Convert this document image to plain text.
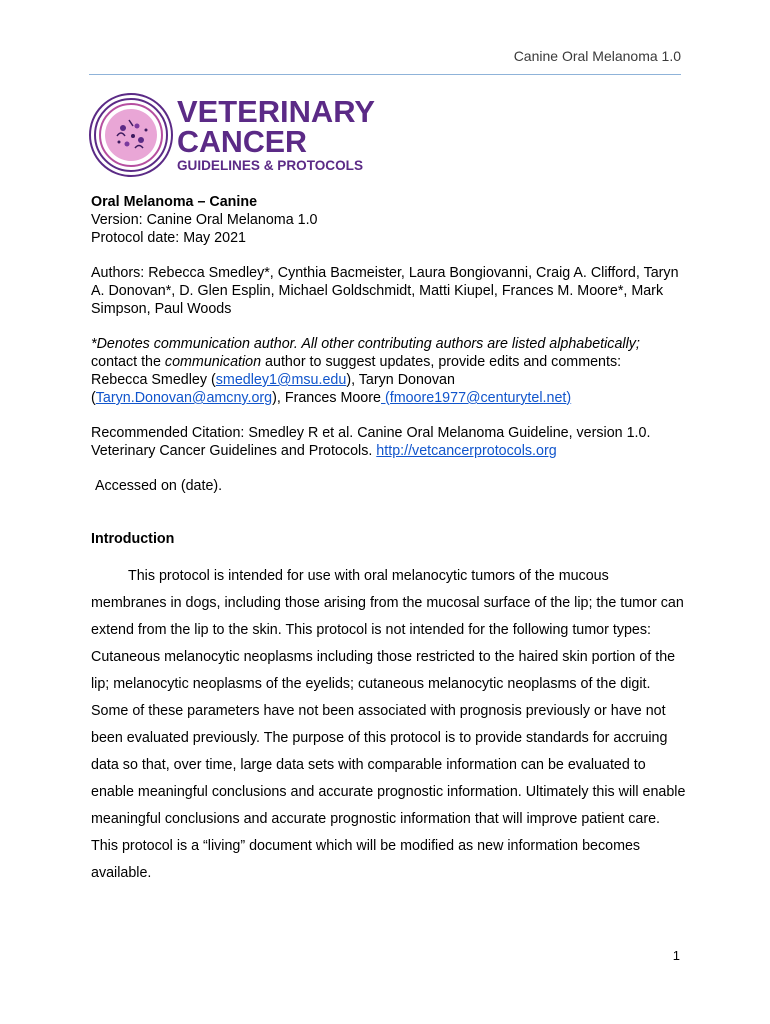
Canine Oral Melanoma 1.0
VETERINARY
CANCER
GUIDELINES & PROTOCOLS

Oral Melanoma – Canine

Version: Canine Oral Melanoma 1.0

Protocol date: May 2021

Authors: Rebecca Smedley*, Cynthia Bacmeister, Laura Bongiovanni, Craig A. Clifford, Taryn A. Donovan*, D. Glen Esplin, Michael Goldschmidt, Matti Kiupel, Frances M. Moore*, Mark Simpson, Paul Woods

*Denotes communication author. All other contributing authors are listed alphabetically;
contact the communication author to suggest updates, provide edits and comments:
Rebecca Smedley (smedley1@msu.edu), Taryn Donovan
(Taryn.Donovan@amcny.org), Frances Moore (fmoore1977@centurytel.net)

Recommended Citation: Smedley R et al. Canine Oral Melanoma Guideline, version 1.0. Veterinary Cancer Guidelines and Protocols. http://vetcancerprotocols.org

Accessed on (date).

Introduction

This protocol is intended for use with oral melanocytic tumors of the mucous membranes in dogs, including those arising from the mucosal surface of the lip; the tumor can extend from the lip to the skin. This protocol is not intended for the following tumor types: Cutaneous melanocytic neoplasms including those restricted to the haired skin portion of the lip; melanocytic neoplasms of the eyelids; cutaneous melanocytic neoplasms of the digit. Some of these parameters have not been associated with prognosis previously or have not been evaluated previously. The purpose of this protocol is to provide standards for accruing data so that, over time, large data sets with comparable information can be evaluated to enable meaningful conclusions and accurate prognostic information. Ultimately this will enable meaningful conclusions and accurate prognostic information that will improve patient care. This protocol is a “living” document which will be modified as new information becomes available.

1
